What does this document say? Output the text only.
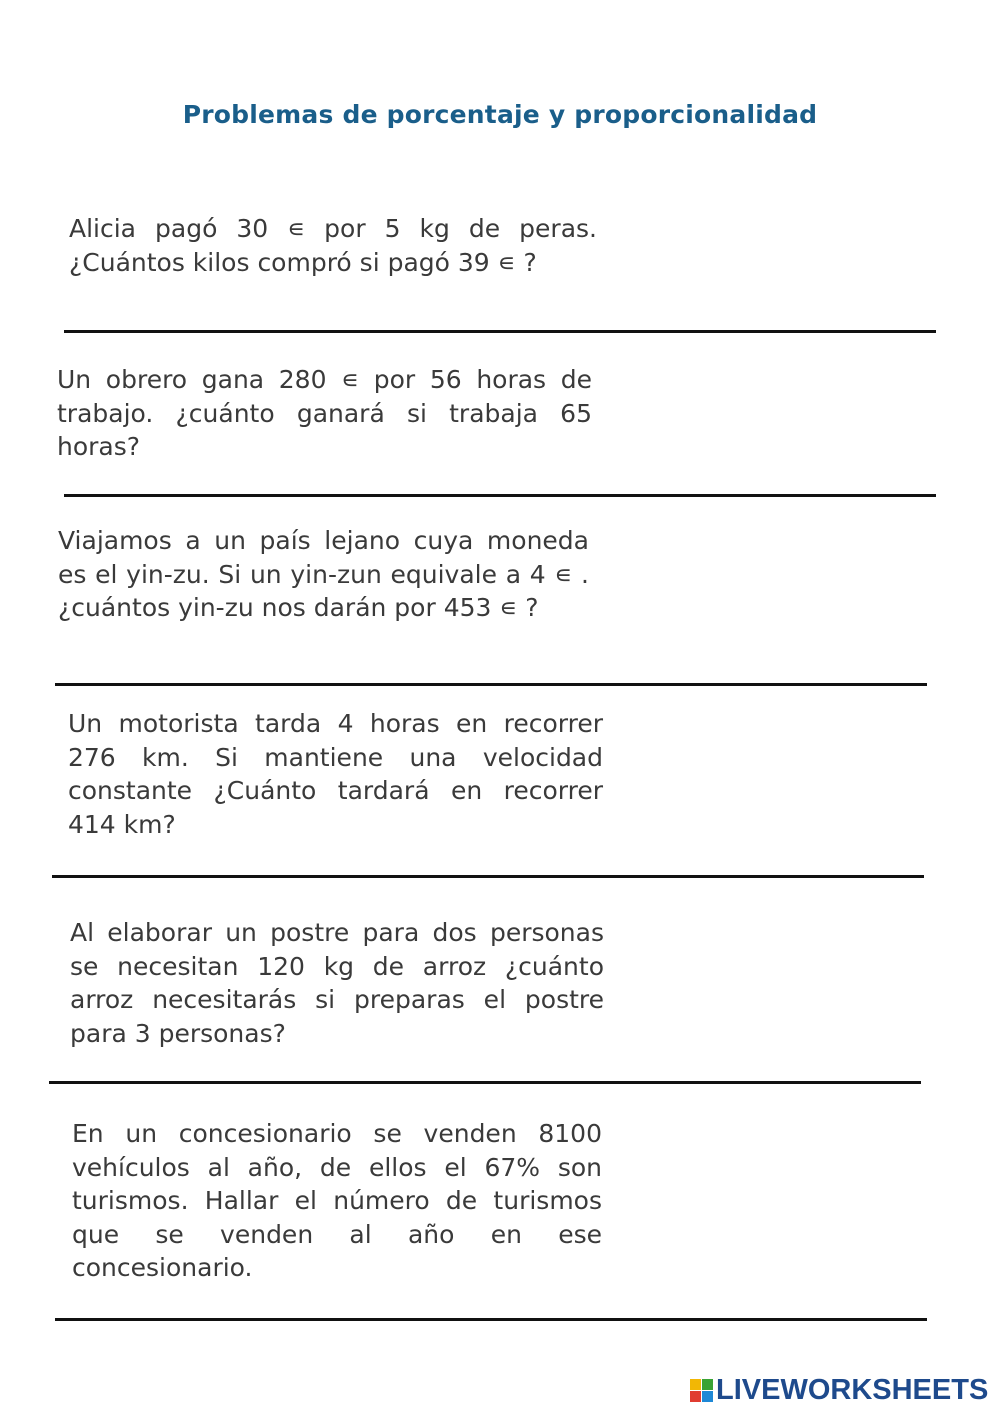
Problemas de porcentaje y proporcionalidad
Alicia pagó 30 ∊ por 5 kg de peras. ¿Cuántos kilos compró si pagó 39 ∊ ?
Un obrero gana 280 ∊ por 56 horas de trabajo. ¿cuánto ganará si trabaja 65 horas?
Viajamos a un país lejano cuya moneda es el yin-zu. Si un yin-zun equivale a 4 ∊ . ¿cuántos yin-zu nos darán por 453 ∊ ?
Un motorista tarda 4 horas en recorrer 276 km. Si mantiene una velocidad constante ¿Cuánto tardará en recorrer 414 km?
Al elaborar un postre para dos personas se necesitan 120 kg de arroz ¿cuánto arroz necesitarás si preparas el postre para 3 personas?
En un concesionario se venden 8100 vehículos al año, de ellos el 67% son turismos. Hallar el número de turismos que se venden al año en ese concesionario.
LIVEWORKSHEETS
